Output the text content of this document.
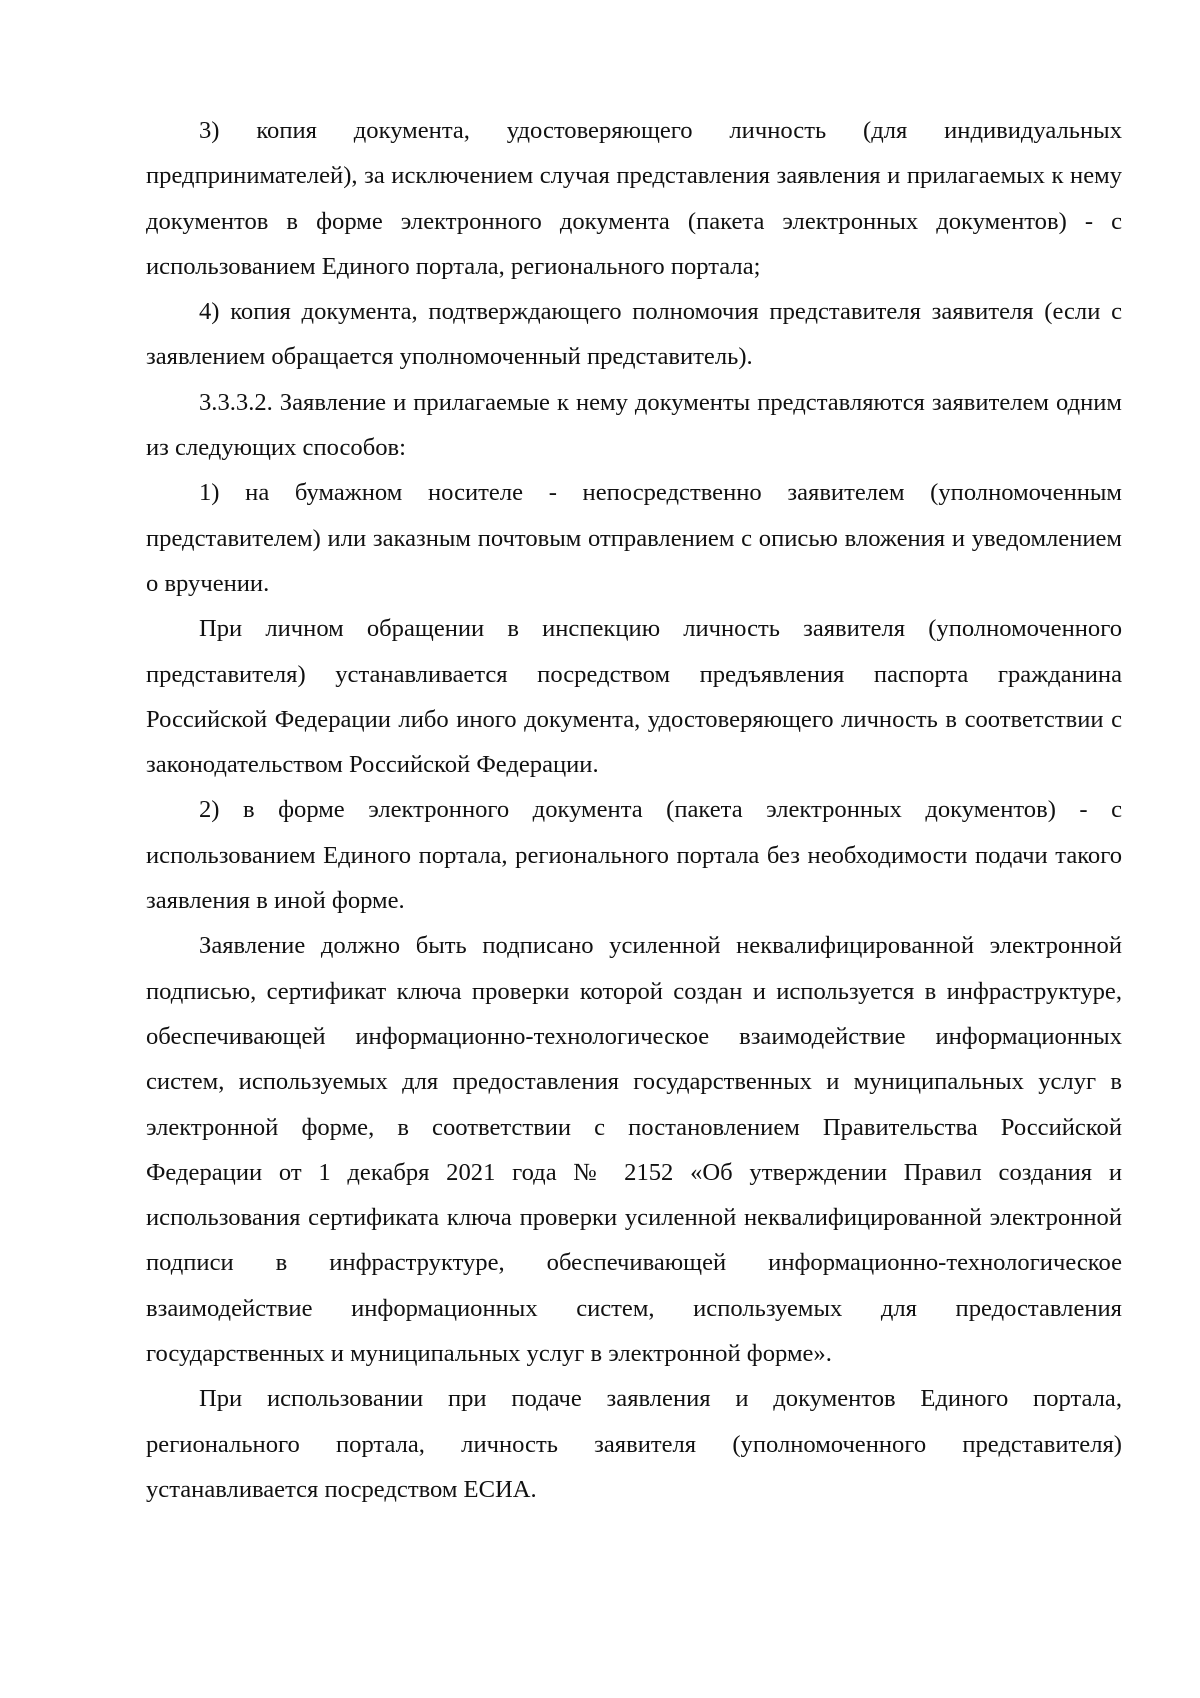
3) копия документа, удостоверяющего личность (для индивидуальных предпринимателей), за исключением случая представления заявления и прилагаемых к нему документов в форме электронного документа (пакета электронных документов) - с использованием Единого портала, регионального портала;

4) копия документа, подтверждающего полномочия представителя заявителя (если с заявлением обращается уполномоченный представитель).

3.3.3.2. Заявление и прилагаемые к нему документы представляются заявителем одним из следующих способов:

1) на бумажном носителе - непосредственно заявителем (уполномоченным представителем) или заказным почтовым отправлением с описью вложения и уведомлением о вручении.

При личном обращении в инспекцию личность заявителя (уполномоченного представителя) устанавливается посредством предъявления паспорта гражданина Российской Федерации либо иного документа, удостоверяющего личность в соответствии с законодательством Российской Федерации.

2) в форме электронного документа (пакета электронных документов) - с использованием Единого портала, регионального портала без необходимости подачи такого заявления в иной форме.

Заявление должно быть подписано усиленной неквалифицированной электронной подписью, сертификат ключа проверки которой создан и используется в инфраструктуре, обеспечивающей информационно-технологическое взаимодействие информационных систем, используемых для предоставления государственных и муниципальных услуг в электронной форме, в соответствии с постановлением Правительства Российской Федерации от 1 декабря 2021 года № 2152 «Об утверждении Правил создания и использования сертификата ключа проверки усиленной неквалифицированной электронной подписи в инфраструктуре, обеспечивающей информационно-технологическое взаимодействие информационных систем, используемых для предоставления государственных и муниципальных услуг в электронной форме».

При использовании при подаче заявления и документов Единого портала, регионального портала, личность заявителя (уполномоченного представителя) устанавливается посредством ЕСИА.
